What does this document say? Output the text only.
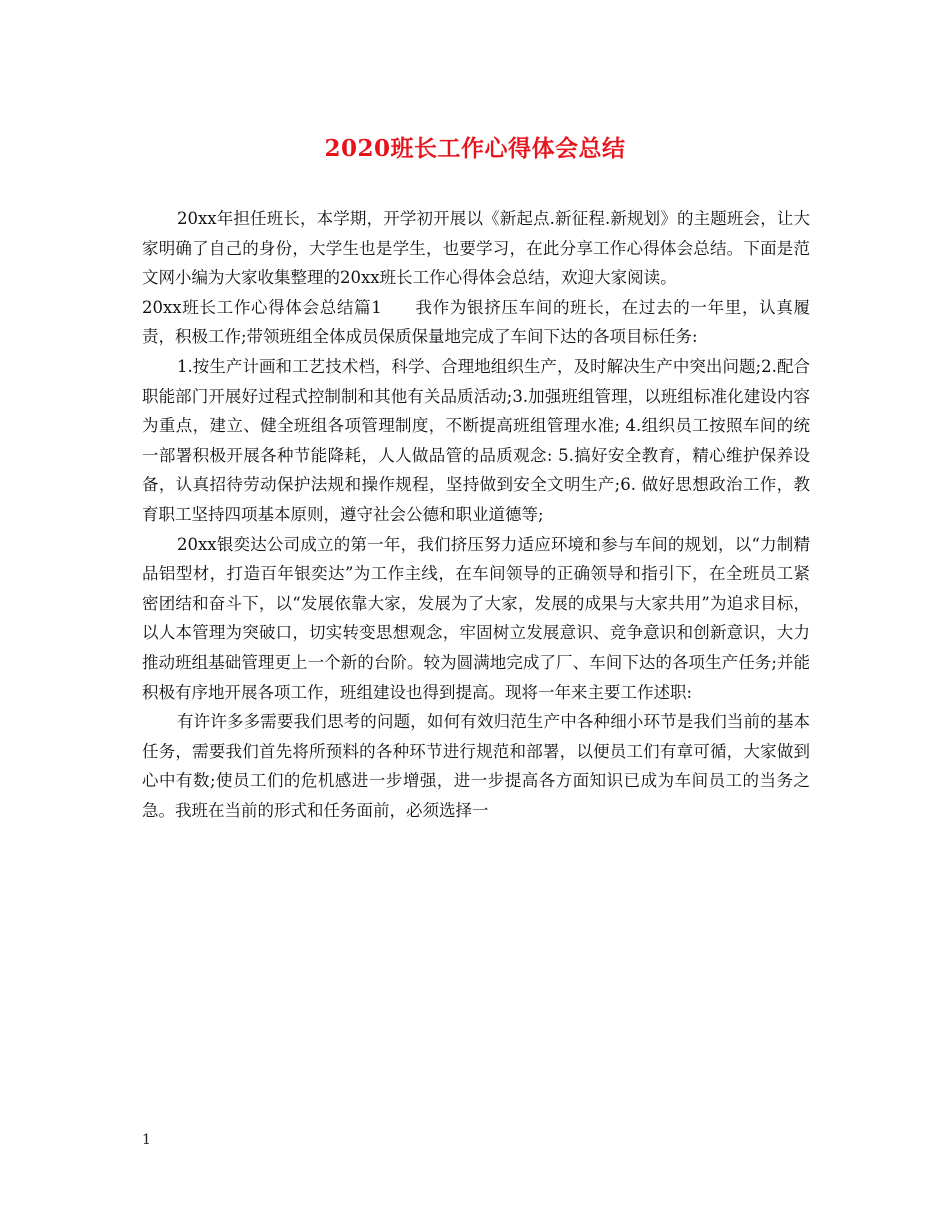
2020班长工作心得体会总结

20xx年担任班长，本学期，开学初开展以《新起点.新征程.新规划》的主题班会，让大家明确了自己的身份，大学生也是学生，也要学习，在此分享工作心得体会总结。下面是范文网小编为大家收集整理的20xx班长工作心得体会总结，欢迎大家阅读。

20xx班长工作心得体会总结篇1   我作为银挤压车间的班长，在过去的一年里，认真履责，积极工作;带领班组全体成员保质保量地完成了车间下达的各项目标任务:

1.按生产计画和工艺技术档，科学、合理地组织生产，及时解决生产中突出问题;2.配合职能部门开展好过程式控制制和其他有关品质活动;3.加强班组管理，以班组标准化建设内容为重点，建立、健全班组各项管理制度，不断提高班组管理水准; 4.组织员工按照车间的统一部署积极开展各种节能降耗，人人做品管的品质观念: 5.搞好安全教育，精心维护保养设备，认真招待劳动保护法规和操作规程，坚持做到安全文明生产;6. 做好思想政治工作，教育职工坚持四项基本原则，遵守社会公德和职业道德等;

20xx银奕达公司成立的第一年，我们挤压努力适应环境和参与车间的规划，以“力制精品铝型材，打造百年银奕达”为工作主线，在车间领导的正确领导和指引下，在全班员工紧密团结和奋斗下，以“发展依靠大家，发展为了大家，发展的成果与大家共用”为追求目标，以人本管理为突破口，切实转变思想观念，牢固树立发展意识、竞争意识和创新意识，大力推动班组基础管理更上一个新的台阶。较为圆满地完成了厂、车间下达的各项生产任务;并能积极有序地开展各项工作，班组建设也得到提高。现将一年来主要工作述职:

有许许多多需要我们思考的问题，如何有效归范生产中各种细小环节是我们当前的基本任务，需要我们首先将所预料的各种环节进行规范和部署，以便员工们有章可循，大家做到心中有数;使员工们的危机感进一步增强，进一步提高各方面知识已成为车间员工的当务之急。我班在当前的形式和任务面前，必须选择一

1
